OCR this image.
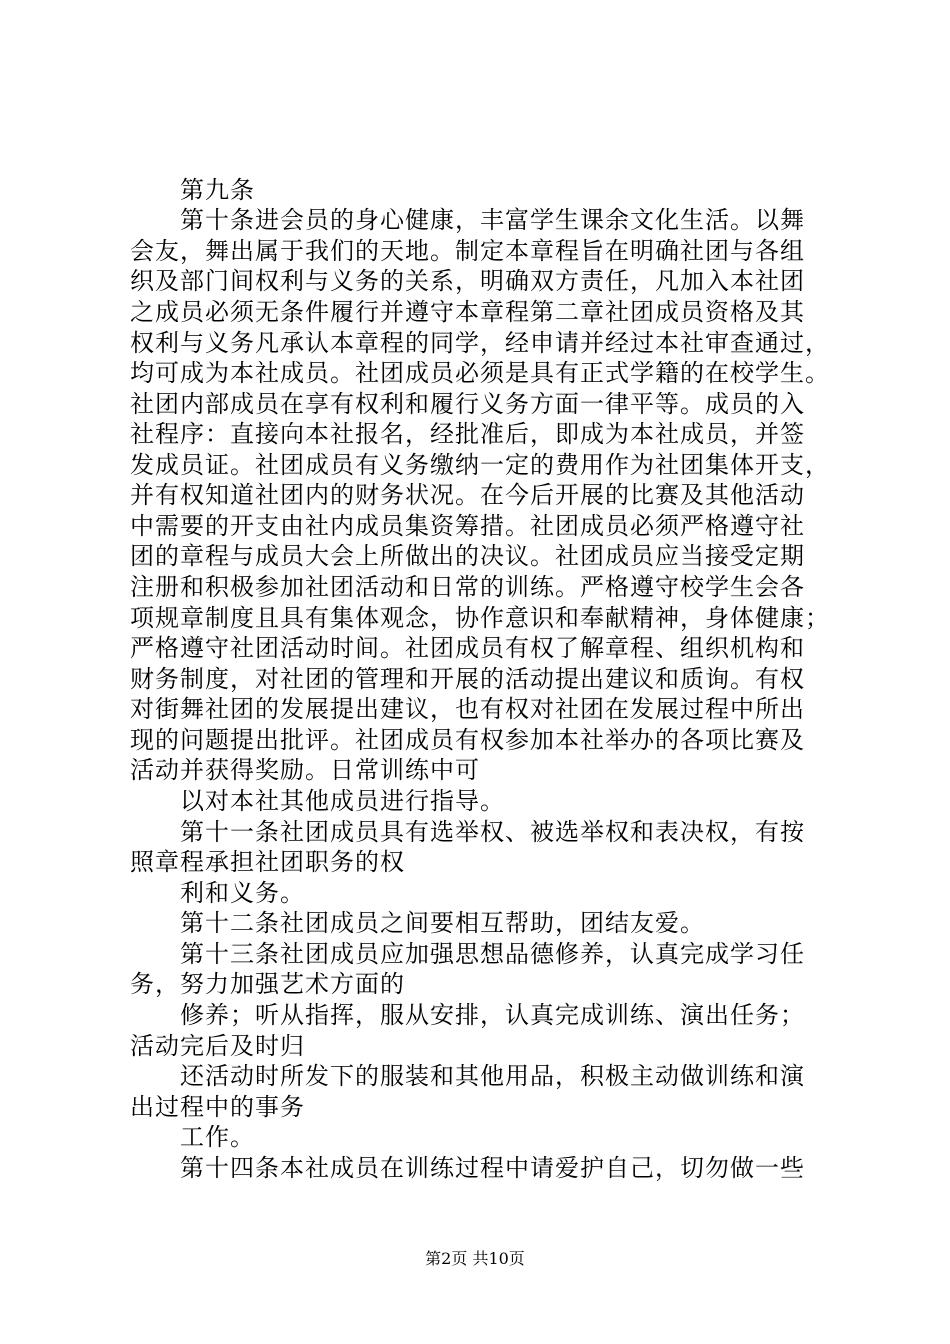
第九条
第十条进会员的身心健康，丰富学生课余文化生活。以舞
会友，舞出属于我们的天地。制定本章程旨在明确社团与各组
织及部门间权利与义务的关系，明确双方责任，凡加入本社团
之成员必须无条件履行并遵守本章程第二章社团成员资格及其
权利与义务凡承认本章程的同学，经申请并经过本社审查通过，
均可成为本社成员。社团成员必须是具有正式学籍的在校学生。
社团内部成员在享有权利和履行义务方面一律平等。成员的入
社程序：直接向本社报名，经批准后，即成为本社成员，并签
发成员证。社团成员有义务缴纳一定的费用作为社团集体开支，
并有权知道社团内的财务状况。在今后开展的比赛及其他活动
中需要的开支由社内成员集资筹措。社团成员必须严格遵守社
团的章程与成员大会上所做出的决议。社团成员应当接受定期
注册和积极参加社团活动和日常的训练。严格遵守校学生会各
项规章制度且具有集体观念，协作意识和奉献精神，身体健康；
严格遵守社团活动时间。社团成员有权了解章程、组织机构和
财务制度，对社团的管理和开展的活动提出建议和质询。有权
对街舞社团的发展提出建议，也有权对社团在发展过程中所出
现的问题提出批评。社团成员有权参加本社举办的各项比赛及
活动并获得奖励。日常训练中可
以对本社其他成员进行指导。
第十一条社团成员具有选举权、被选举权和表决权，有按
照章程承担社团职务的权
利和义务。
第十二条社团成员之间要相互帮助，团结友爱。
第十三条社团成员应加强思想品德修养，认真完成学习任
务，努力加强艺术方面的
修养；听从指挥，服从安排，认真完成训练、演出任务；
活动完后及时归
还活动时所发下的服装和其他用品，积极主动做训练和演
出过程中的事务
工作。
第十四条本社成员在训练过程中请爱护自己，切勿做一些
第2页 共10页
